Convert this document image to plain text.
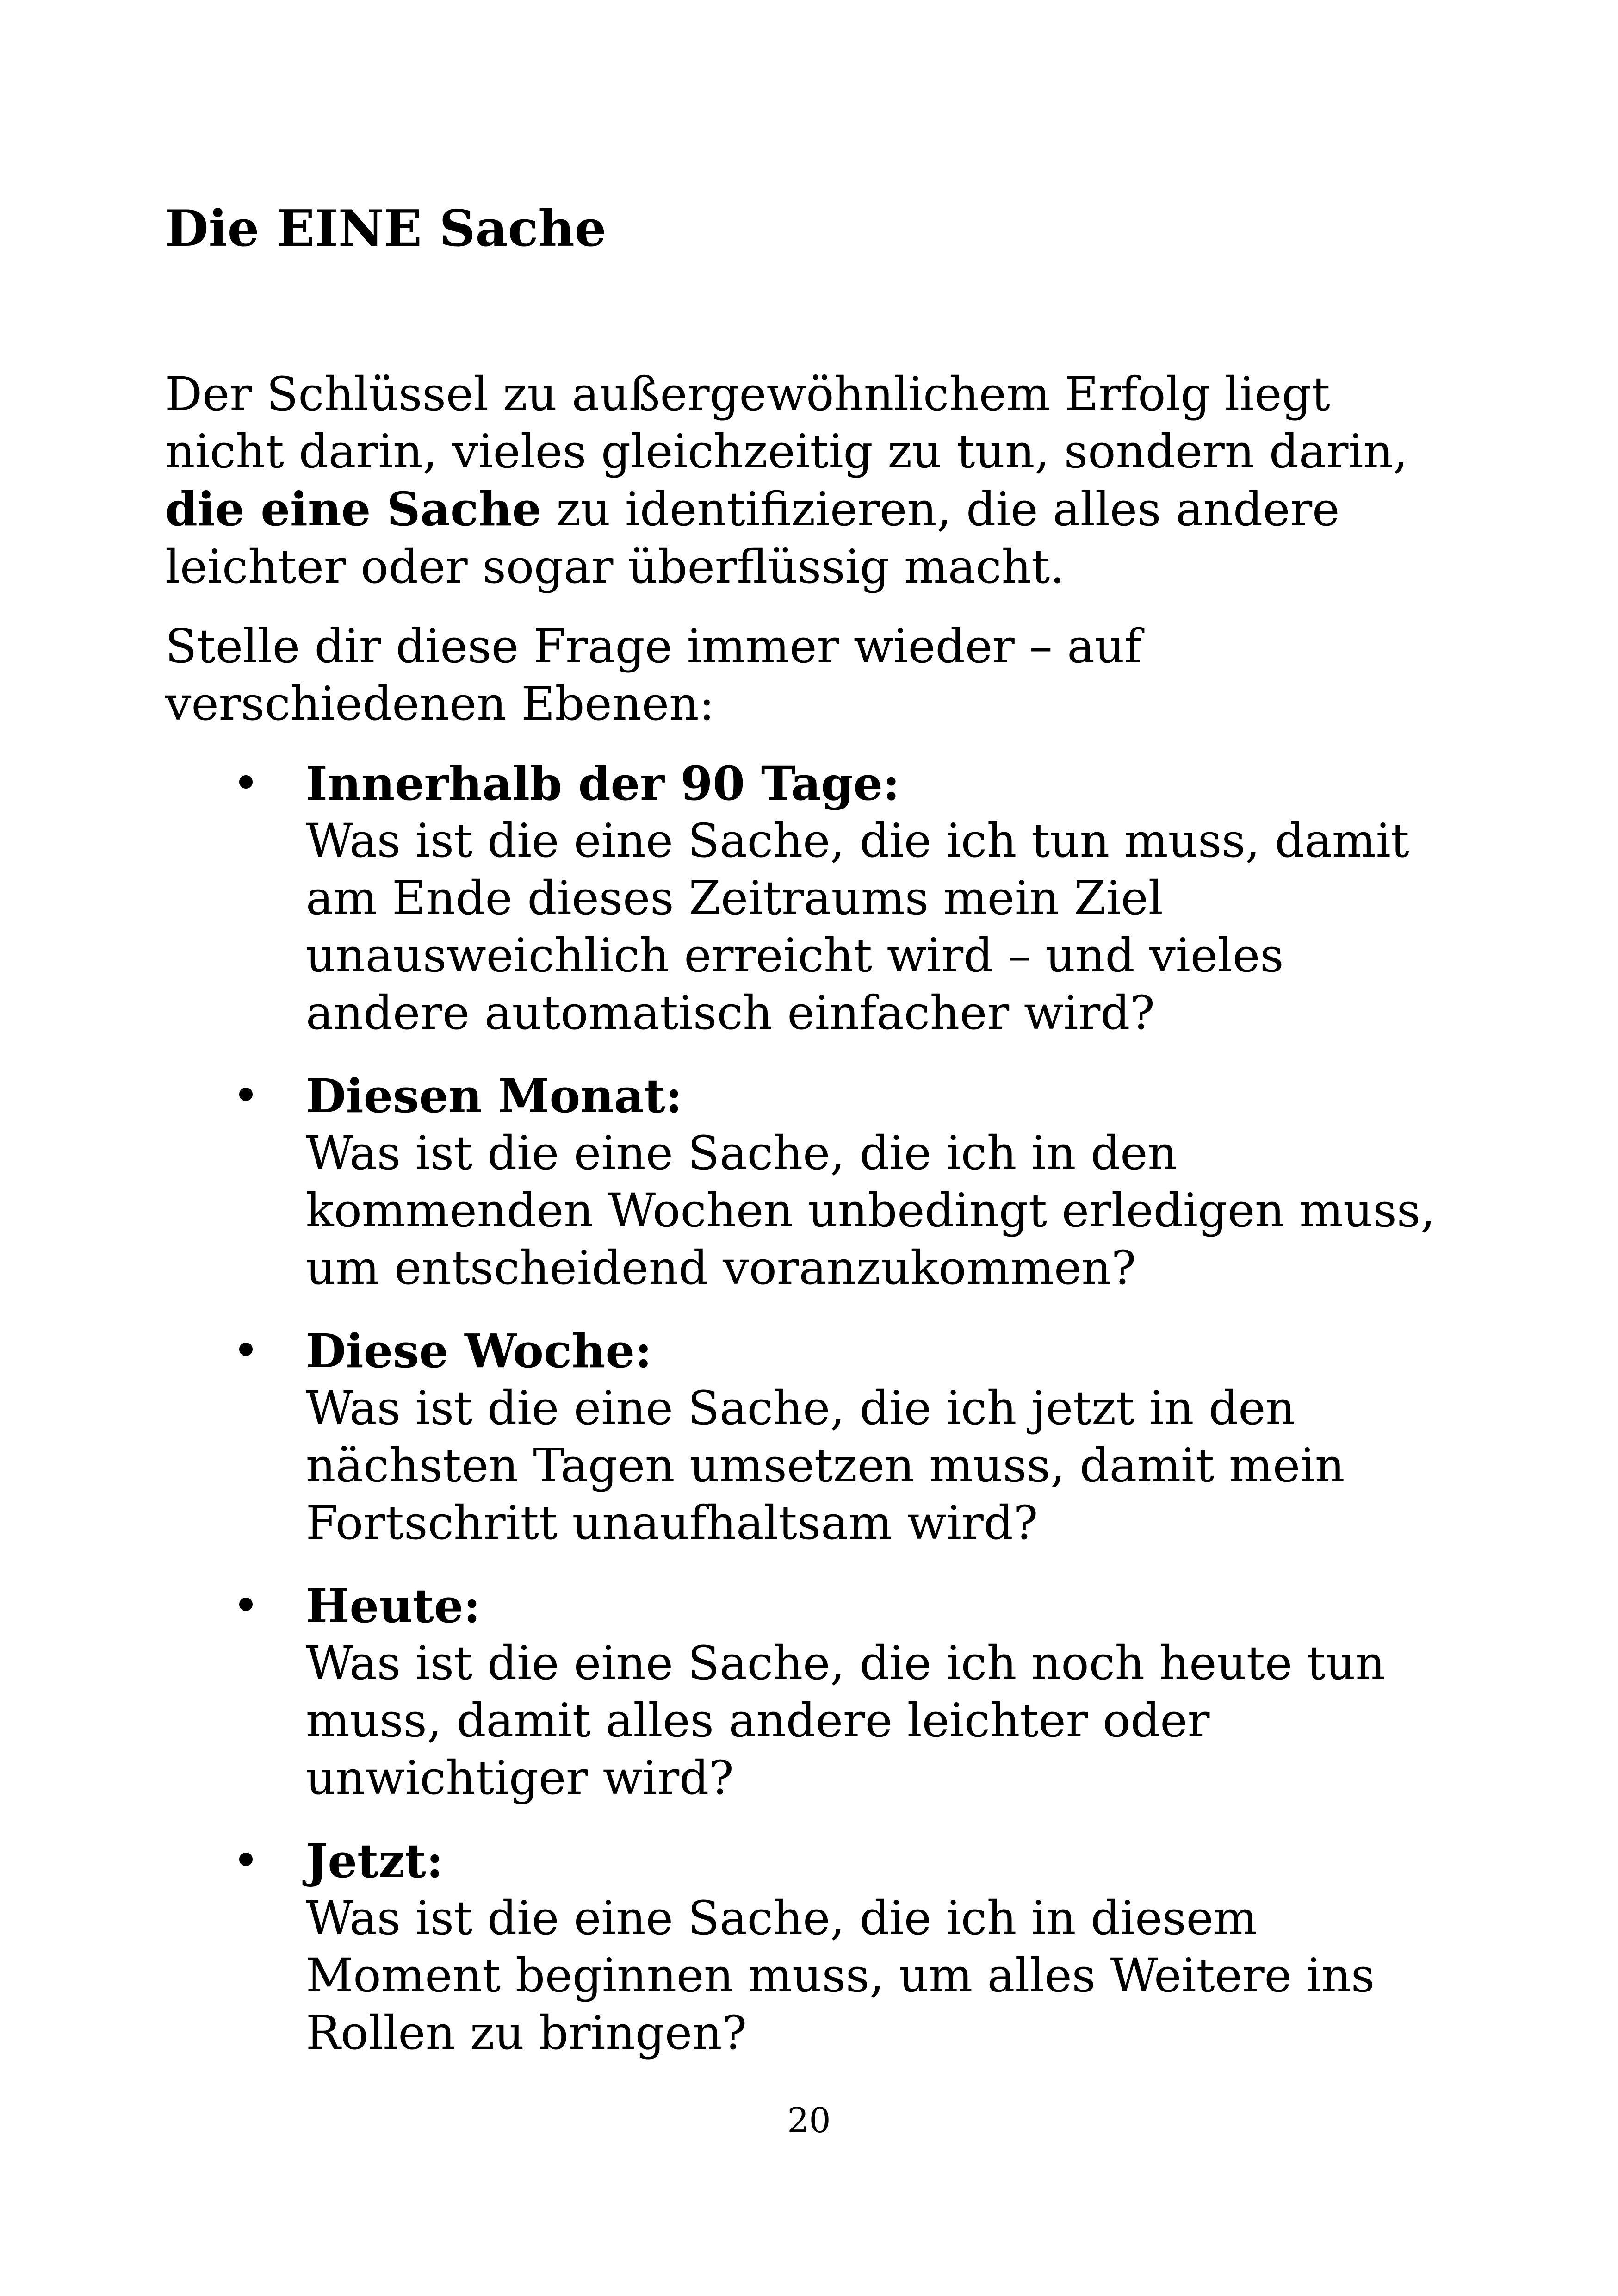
Die EINE Sache

Der Schlüssel zu außergewöhnlichem Erfolg liegt nicht darin, vieles gleichzeitig zu tun, sondern darin, die eine Sache zu identifizieren, die alles andere leichter oder sogar überflüssig macht.

Stelle dir diese Frage immer wieder – auf verschiedenen Ebenen:

• Innerhalb der 90 Tage:
Was ist die eine Sache, die ich tun muss, damit am Ende dieses Zeitraums mein Ziel unausweichlich erreicht wird – und vieles andere automatisch einfacher wird?
• Diesen Monat:
Was ist die eine Sache, die ich in den kommenden Wochen unbedingt erledigen muss, um entscheidend voranzukommen?
• Diese Woche:
Was ist die eine Sache, die ich jetzt in den nächsten Tagen umsetzen muss, damit mein Fortschritt unaufhaltsam wird?
• Heute:
Was ist die eine Sache, die ich noch heute tun muss, damit alles andere leichter oder unwichtiger wird?
• Jetzt:
Was ist die eine Sache, die ich in diesem Moment beginnen muss, um alles Weitere ins Rollen zu bringen?
20
